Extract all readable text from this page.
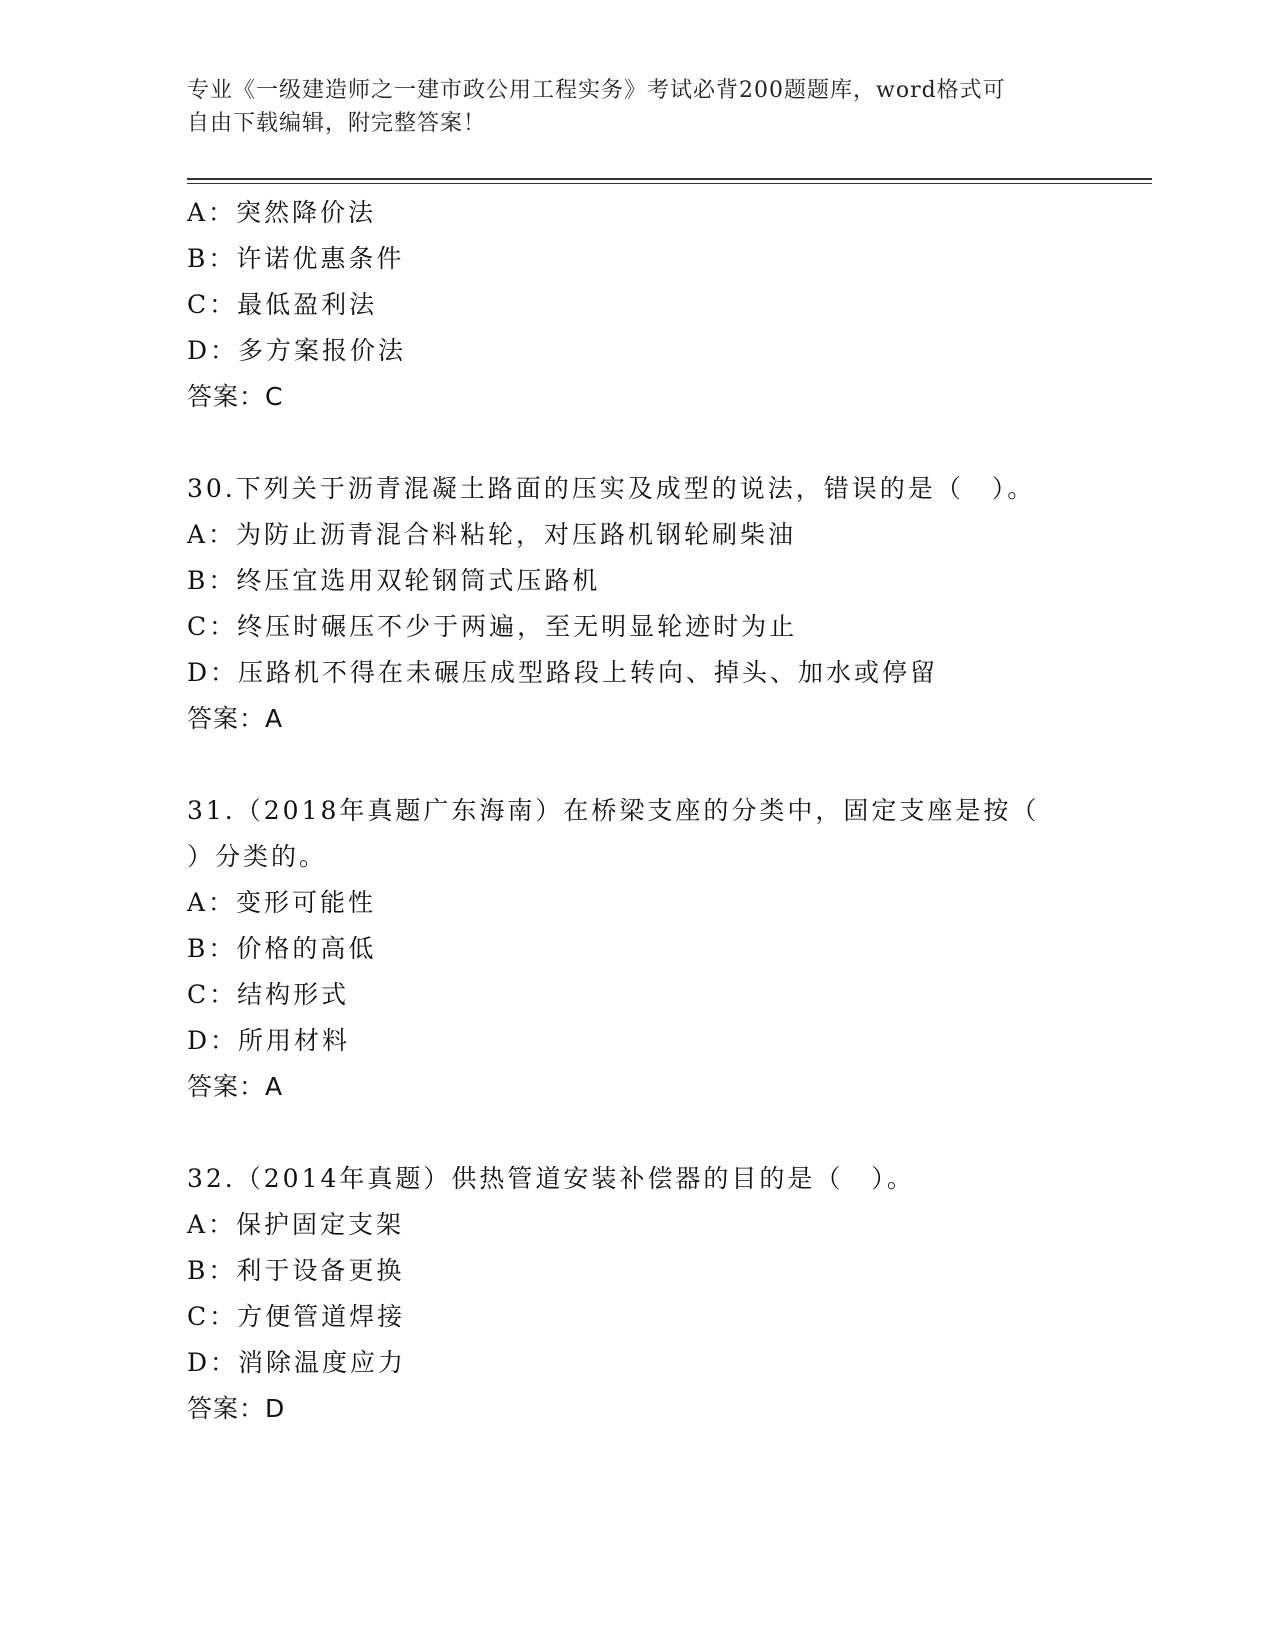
专业《一级建造师之一建市政公用工程实务》考试必背200题题库，word格式可
自由下载编辑，附完整答案！
A：突然降价法
B：许诺优惠条件
C：最低盈利法
D：多方案报价法
答案：C
30.下列关于沥青混凝土路面的压实及成型的说法，错误的是（　）。
A：为防止沥青混合料粘轮，对压路机钢轮刷柴油
B：终压宜选用双轮钢筒式压路机
C：终压时碾压不少于两遍，至无明显轮迹时为止
D：压路机不得在未碾压成型路段上转向、掉头、加水或停留
答案：A
31.（2018年真题广东海南）在桥梁支座的分类中，固定支座是按（
）分类的。
A：变形可能性
B：价格的高低
C：结构形式
D：所用材料
答案：A
32.（2014年真题）供热管道安装补偿器的目的是（　）。
A：保护固定支架
B：利于设备更换
C：方便管道焊接
D：消除温度应力
答案：D
